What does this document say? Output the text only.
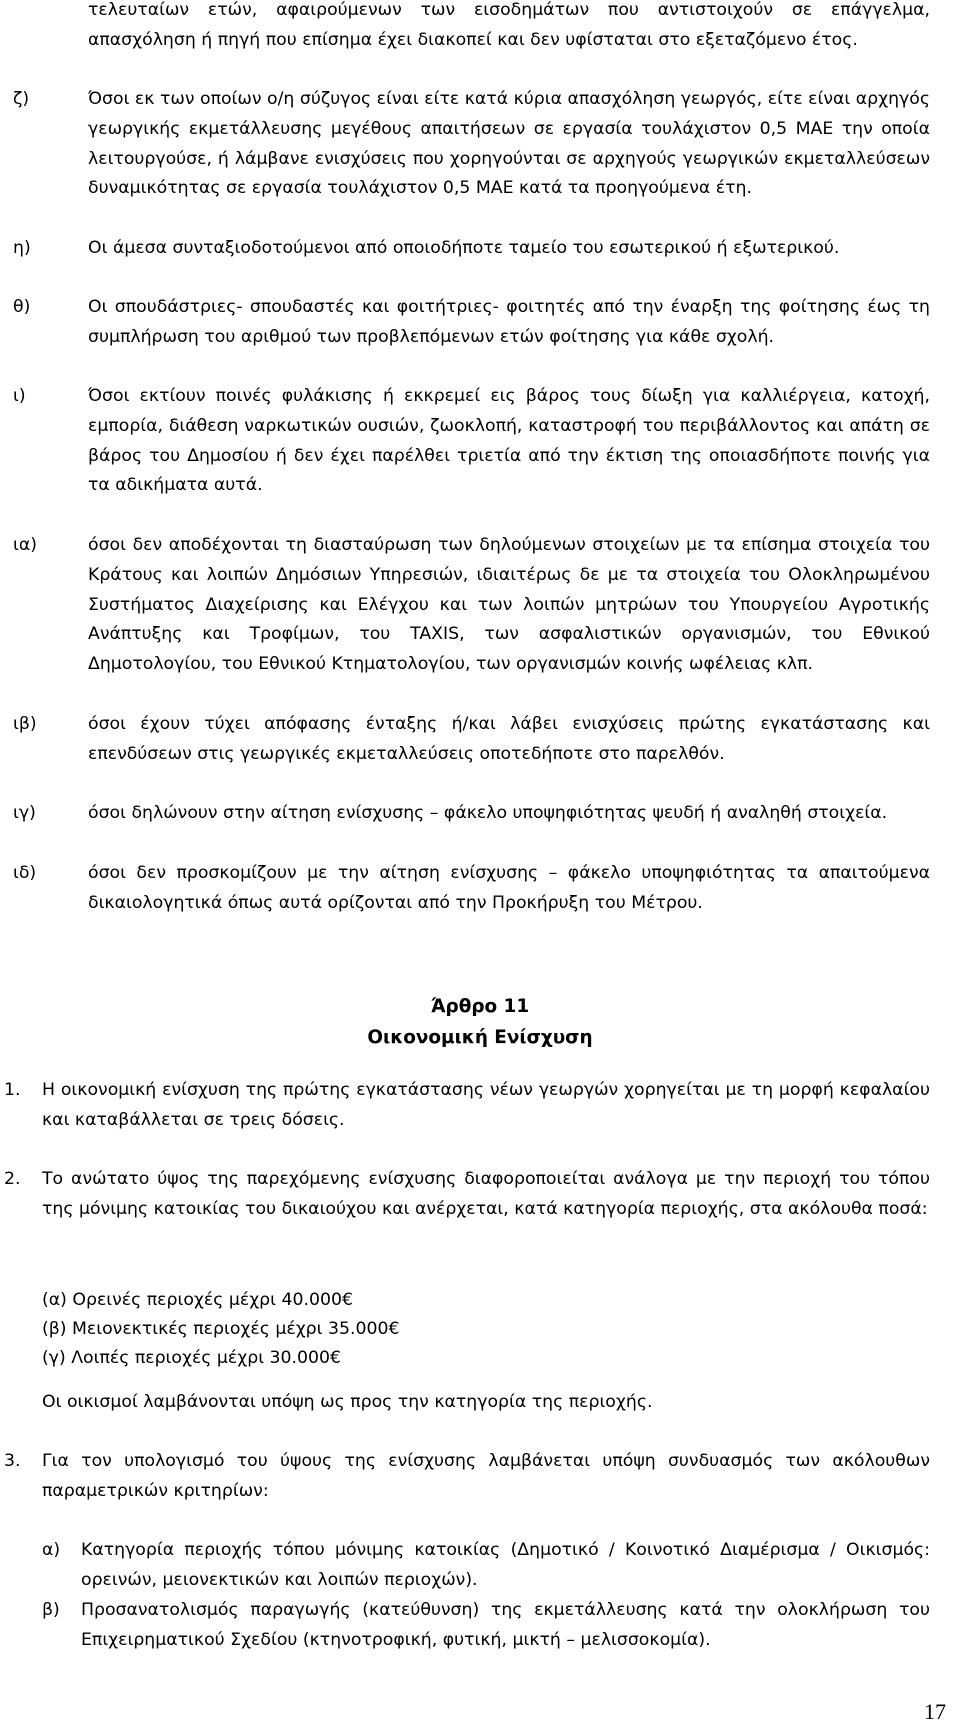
τελευταίων ετών, αφαιρούμενων των εισοδημάτων που αντιστοιχούν σε επάγγελμα, απασχόληση ή πηγή που επίσημα έχει διακοπεί και δεν υφίσταται στο εξεταζόμενο έτος.

ζ)	Όσοι εκ των οποίων ο/η σύζυγος είναι είτε κατά κύρια απασχόληση γεωργός, είτε είναι αρχηγός γεωργικής εκμετάλλευσης μεγέθους απαιτήσεων σε εργασία τουλάχιστον 0,5 ΜΑΕ την οποία λειτουργούσε, ή λάμβανε ενισχύσεις που χορηγούνται σε αρχηγούς γεωργικών εκμεταλλεύσεων δυναμικότητας σε εργασία τουλάχιστον 0,5 ΜΑΕ κατά τα προηγούμενα έτη.

η)	Οι άμεσα συνταξιοδοτούμενοι από οποιοδήποτε ταμείο του εσωτερικού ή εξωτερικού.

θ)	Οι σπουδάστριες- σπουδαστές και φοιτήτριες- φοιτητές από την έναρξη της φοίτησης έως τη συμπλήρωση του αριθμού των προβλεπόμενων ετών φοίτησης για κάθε σχολή.

ι)	Όσοι εκτίουν ποινές φυλάκισης ή εκκρεμεί εις βάρος τους δίωξη για καλλιέργεια, κατοχή, εμπορία, διάθεση ναρκωτικών ουσιών, ζωοκλοπή, καταστροφή του περιβάλλοντος και απάτη σε βάρος του Δημοσίου ή δεν έχει παρέλθει τριετία από την έκτιση της οποιασδήποτε ποινής για τα αδικήματα αυτά.

ια)	όσοι δεν αποδέχονται τη διασταύρωση των δηλούμενων στοιχείων με τα επίσημα στοιχεία του Κράτους και λοιπών Δημόσιων Υπηρεσιών, ιδιαιτέρως δε με τα στοιχεία του Ολοκληρωμένου Συστήματος Διαχείρισης και Ελέγχου και των λοιπών μητρώων του Υπουργείου Αγροτικής Ανάπτυξης και Τροφίμων, του TAXIS, των ασφαλιστικών οργανισμών, του Εθνικού Δημοτολογίου, του Εθνικού Κτηματολογίου, των οργανισμών κοινής ωφέλειας κλπ.

ιβ)	όσοι έχουν τύχει απόφασης ένταξης ή/και λάβει ενισχύσεις πρώτης εγκατάστασης και επενδύσεων στις γεωργικές εκμεταλλεύσεις οποτεδήποτε στο παρελθόν.

ιγ)	όσοι δηλώνουν στην αίτηση ενίσχυσης – φάκελο υποψηφιότητας ψευδή ή αναληθή στοιχεία.

ιδ)	όσοι δεν προσκομίζουν με την αίτηση ενίσχυσης – φάκελο υποψηφιότητας τα απαιτούμενα δικαιολογητικά όπως αυτά ορίζονται από την Προκήρυξη του Μέτρου.

Άρθρο 11

Οικονομική Ενίσχυση

1. Η οικονομική ενίσχυση της πρώτης εγκατάστασης νέων γεωργών χορηγείται με τη μορφή κεφαλαίου και καταβάλλεται σε τρεις δόσεις.

2. Το ανώτατο ύψος της παρεχόμενης ενίσχυσης διαφοροποιείται ανάλογα με την περιοχή του τόπου της μόνιμης κατοικίας του δικαιούχου και ανέρχεται, κατά κατηγορία περιοχής, στα ακόλουθα ποσά:

(α) Ορεινές περιοχές μέχρι 40.000€

(β) Μειονεκτικές περιοχές μέχρι 35.000€

(γ) Λοιπές περιοχές μέχρι 30.000€

Οι οικισμοί λαμβάνονται υπόψη ως προς την κατηγορία της περιοχής.

3. Για τον υπολογισμό του ύψους της ενίσχυσης λαμβάνεται υπόψη συνδυασμός των ακόλουθων παραμετρικών κριτηρίων:

α) Κατηγορία περιοχής τόπου μόνιμης κατοικίας (Δημοτικό / Κοινοτικό Διαμέρισμα / Οικισμός: ορεινών, μειονεκτικών και λοιπών περιοχών).

β) Προσανατολισμός παραγωγής (κατεύθυνση) της εκμετάλλευσης κατά την ολοκλήρωση του Επιχειρηματικού Σχεδίου (κτηνοτροφική, φυτική, μικτή – μελισσοκομία).

17
